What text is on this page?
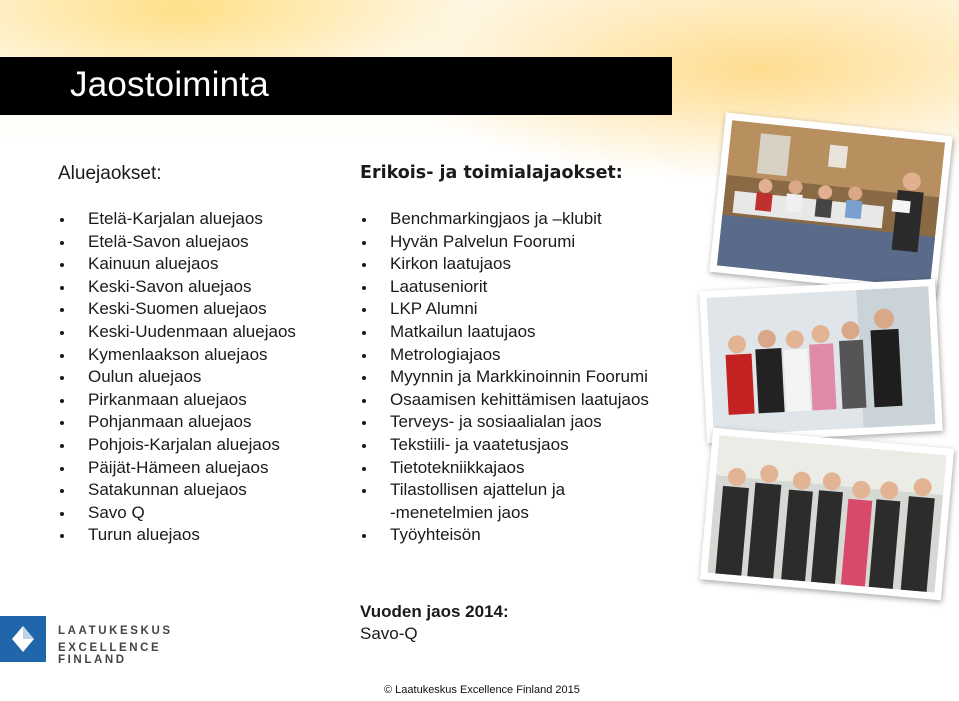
Jaostoiminta
Aluejaokset:
Etelä-Karjalan aluejaos
Etelä-Savon aluejaos
Kainuun aluejaos
Keski-Savon aluejaos
Keski-Suomen aluejaos
Keski-Uudenmaan aluejaos
Kymenlaakson aluejaos
Oulun aluejaos
Pirkanmaan aluejaos
Pohjanmaan aluejaos
Pohjois-Karjalan aluejaos
Päijät-Hämeen aluejaos
Satakunnan aluejaos
Savo Q
Turun aluejaos
Erikois- ja toimialajaokset:
Benchmarkingjaos ja –klubit
Hyvän Palvelun Foorumi
Kirkon laatujaos
Laatuseniorit
LKP Alumni
Matkailun laatujaos
Metrologiajaos
Myynnin ja Markkinoinnin Foorumi
Osaamisen kehittämisen laatujaos
Terveys- ja sosiaalialan jaos
Tekstiili- ja vaatetusjaos
Tietotekniikkajaos
Tilastollisen ajattelun ja
-menetelmien jaos
Työyhteisön
Vuoden jaos 2014:
Savo-Q
LAATUKESKUS
EXCELLENCE FINLAND
© Laatukeskus Excellence Finland 2015
